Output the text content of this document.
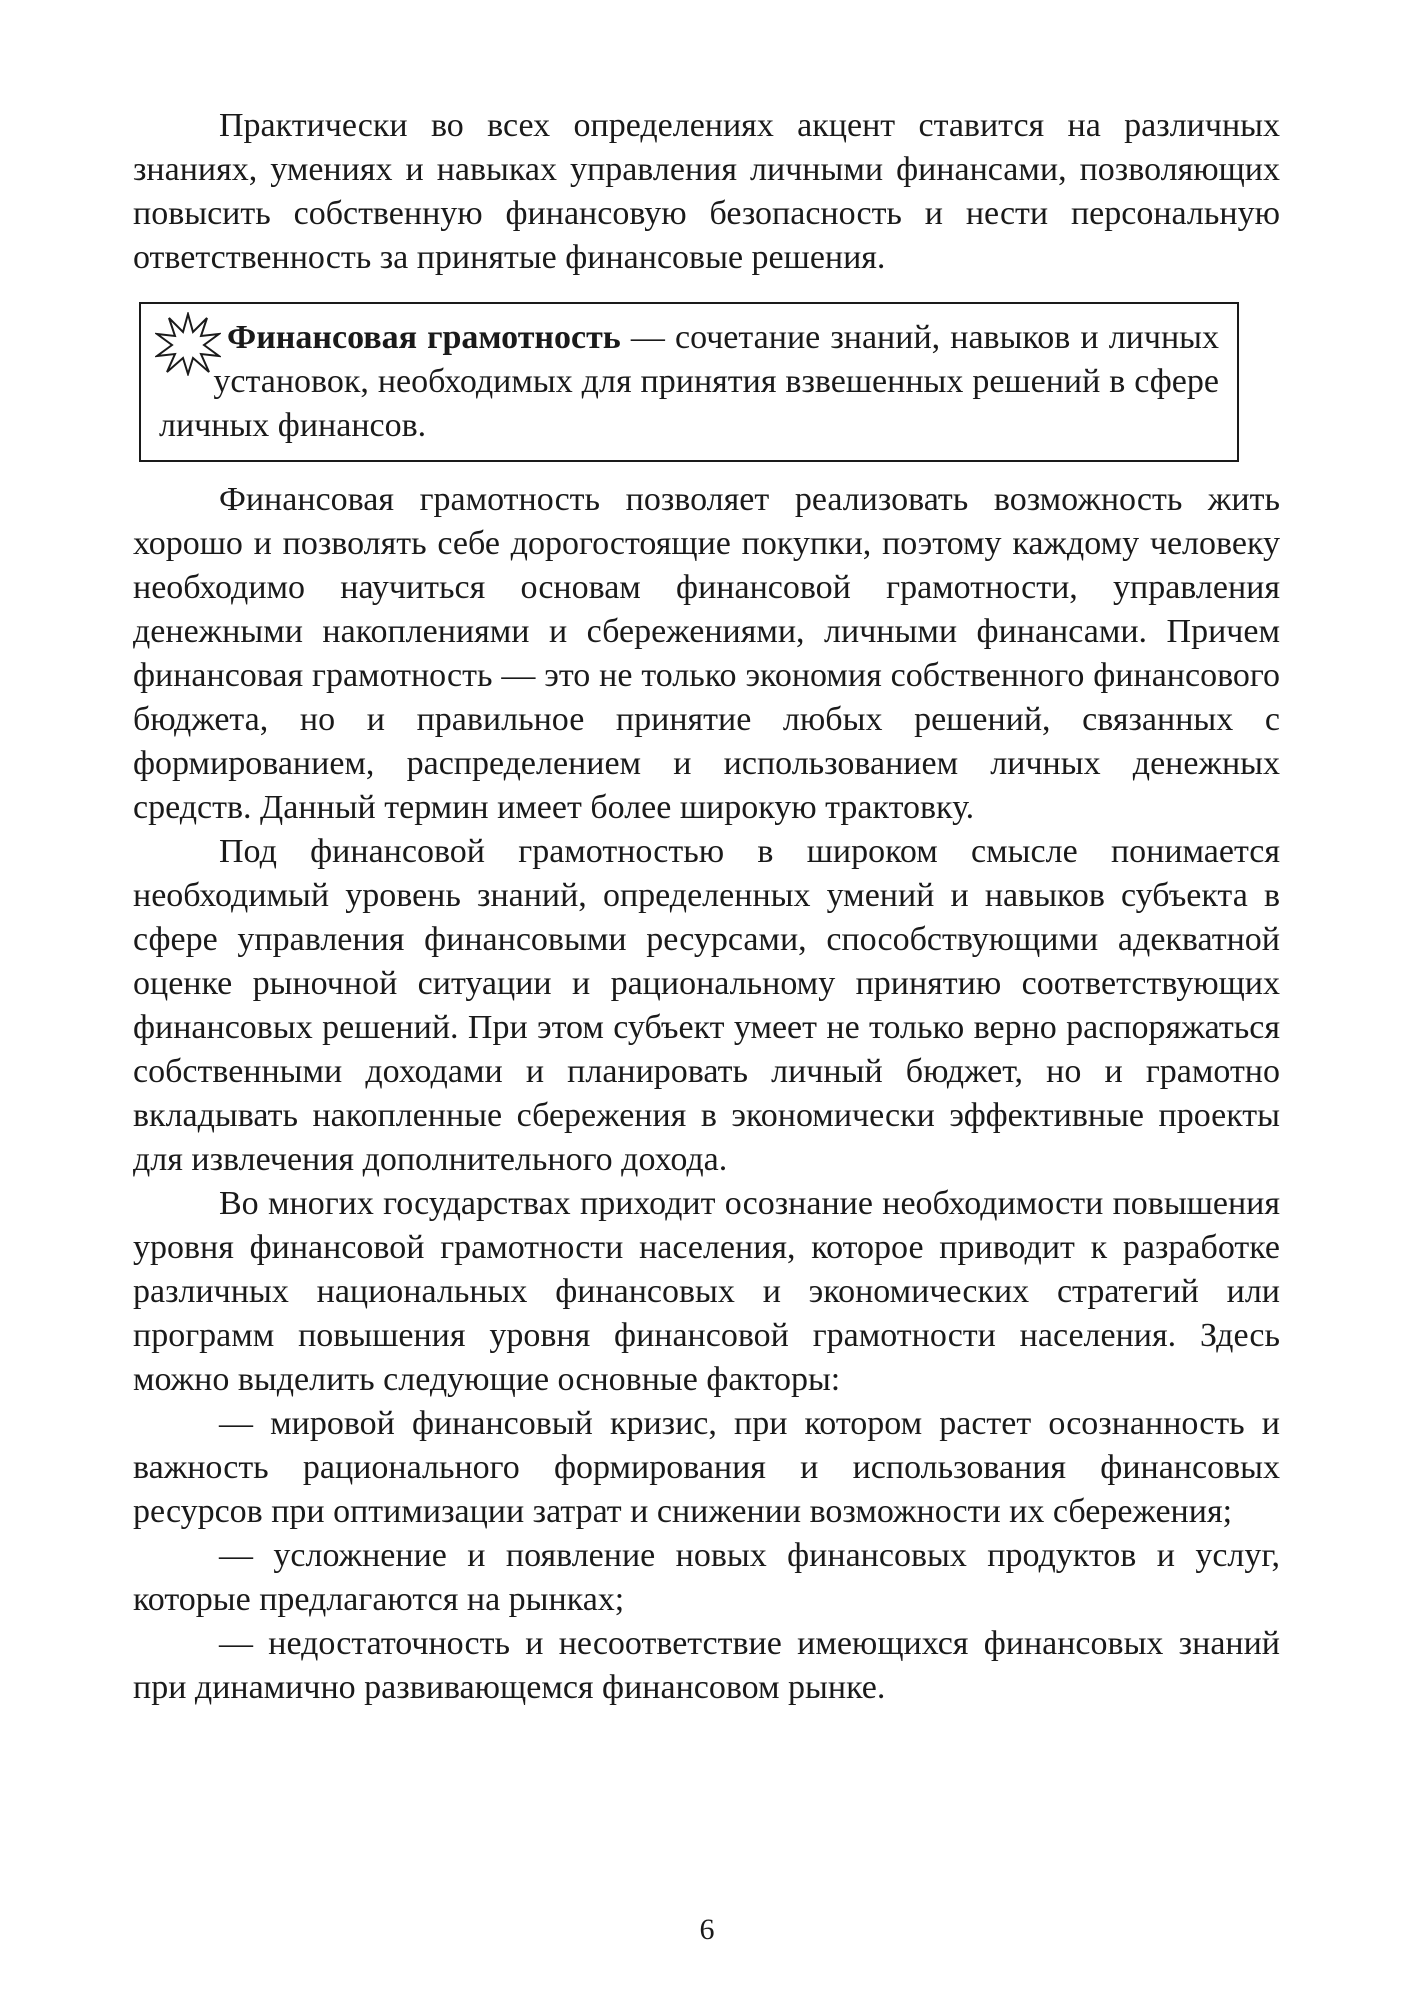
Практически во всех определениях акцент ставится на различных знаниях, умениях и навыках управления личными финансами, позволяющих повысить собственную финансовую безопасность и нести персональную ответственность за принятые финансовые решения.

Финансовая грамотность — сочетание знаний, навыков и личных установок, необходимых для принятия взвешенных решений в сфере личных финансов.

Финансовая грамотность позволяет реализовать возможность жить хорошо и позволять себе дорогостоящие покупки, поэтому каждому человеку необходимо научиться основам финансовой грамотности, управления денежными накоплениями и сбережениями, личными финансами. Причем финансовая грамотность — это не только экономия собственного финансового бюджета, но и правильное принятие любых решений, связанных с формированием, распределением и использованием личных денежных средств. Данный термин имеет более широкую трактовку.

Под финансовой грамотностью в широком смысле понимается необходимый уровень знаний, определенных умений и навыков субъекта в сфере управления финансовыми ресурсами, способствующими адекватной оценке рыночной ситуации и рациональному принятию соответствующих финансовых решений. При этом субъект умеет не только верно распоряжаться собственными доходами и планировать личный бюджет, но и грамотно вкладывать накопленные сбережения в экономически эффективные проекты для извлечения дополнительного дохода.

Во многих государствах приходит осознание необходимости повышения уровня финансовой грамотности населения, которое приводит к разработке различных национальных финансовых и экономических стратегий или программ повышения уровня финансовой грамотности населения. Здесь можно выделить следующие основные факторы:

— мировой финансовый кризис, при котором растет осознанность и важность рационального формирования и использования финансовых ресурсов при оптимизации затрат и снижении возможности их сбережения;

— усложнение и появление новых финансовых продуктов и услуг, которые предлагаются на рынках;

— недостаточность и несоответствие имеющихся финансовых знаний при динамично развивающемся финансовом рынке.

6
